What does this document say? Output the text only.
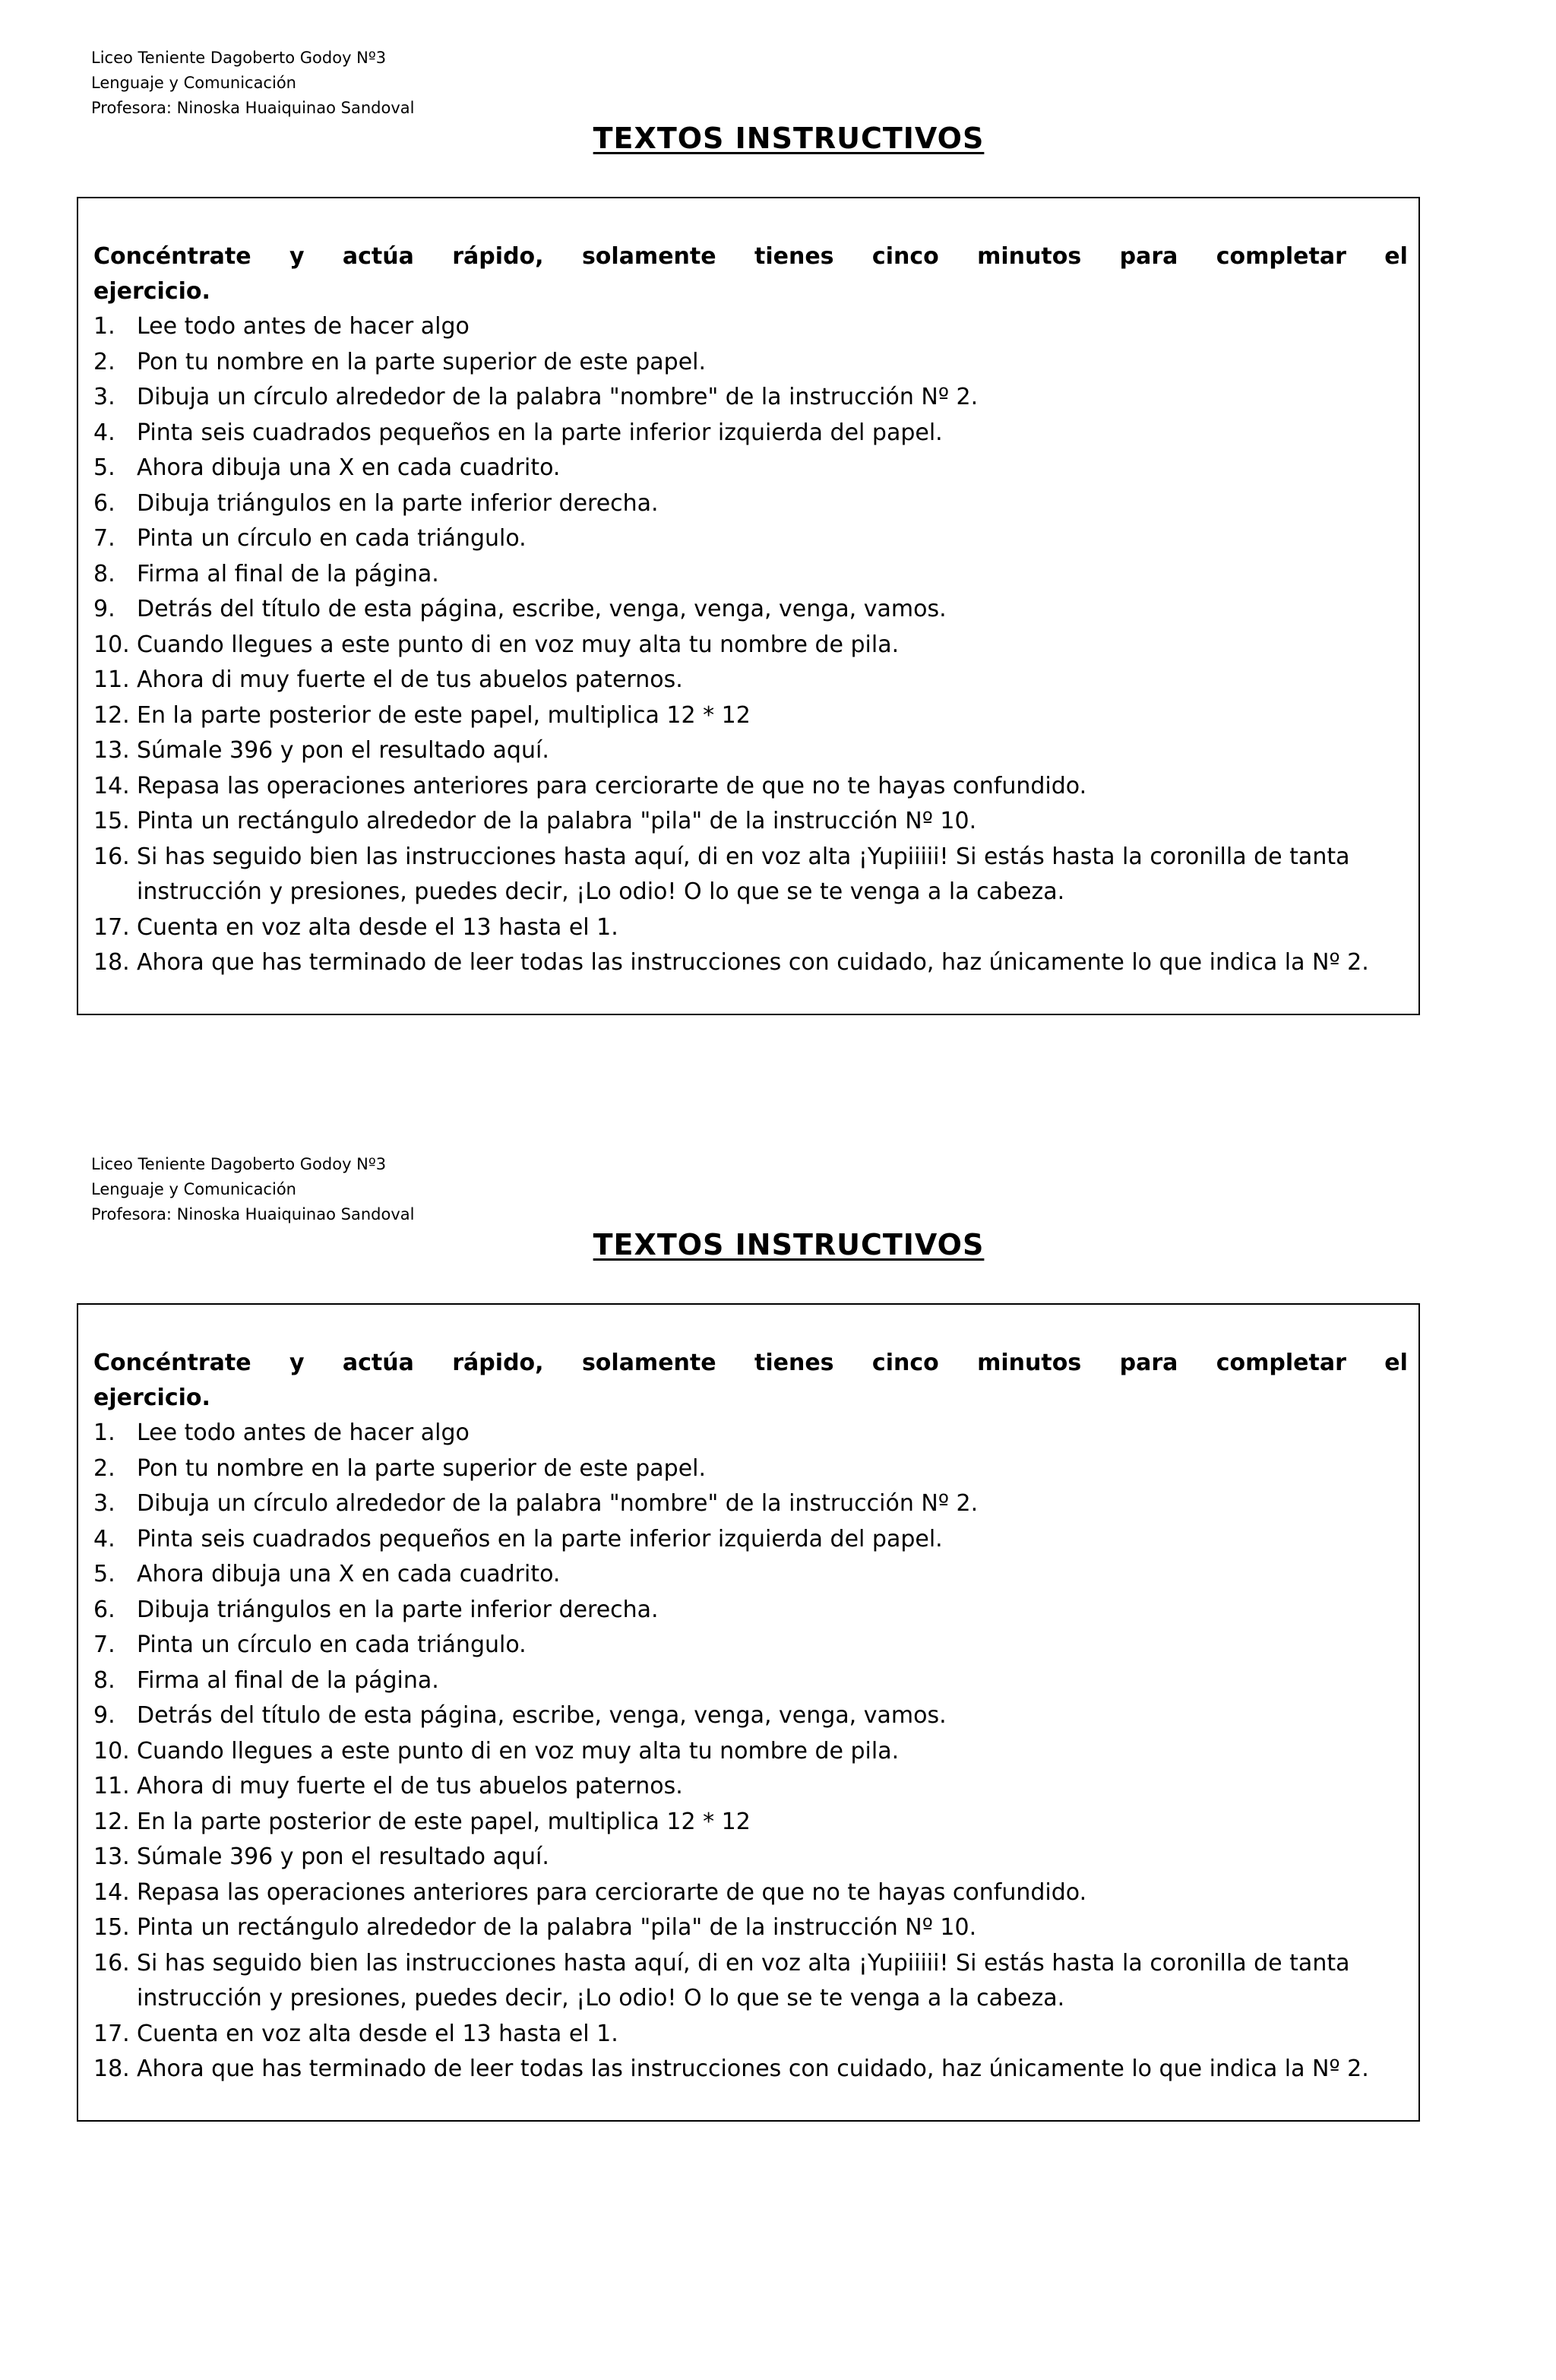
Liceo Teniente Dagoberto Godoy Nº3
Lenguaje y Comunicación
Profesora: Ninoska Huaiquinao Sandoval
TEXTOS INSTRUCTIVOS
Concéntrate y actúa rápido, solamente tienes cinco minutos para completar el
ejercicio.
1. Lee todo antes de hacer algo
2. Pon tu nombre en la parte superior de este papel.
3. Dibuja un círculo alrededor de la palabra "nombre" de la instrucción Nº 2.
4. Pinta seis cuadrados pequeños en la parte inferior izquierda del papel.
5. Ahora dibuja una X en cada cuadrito.
6. Dibuja triángulos en la parte inferior derecha.
7. Pinta un círculo en cada triángulo.
8. Firma al final de la página.
9. Detrás del título de esta página, escribe, venga, venga, venga, vamos.
10. Cuando llegues a este punto di en voz muy alta tu nombre de pila.
11. Ahora di muy fuerte el de tus abuelos paternos.
12. En la parte posterior de este papel, multiplica 12 * 12
13. Súmale 396 y pon el resultado aquí.
14. Repasa las operaciones anteriores para cerciorarte de que no te hayas confundido.
15. Pinta un rectángulo alrededor de la palabra "pila" de la instrucción Nº 10.
16. Si has seguido bien las instrucciones hasta aquí, di en voz alta ¡Yupiiiii! Si estás hasta la coronilla de tanta
instrucción y presiones, puedes decir, ¡Lo odio! O lo que se te venga a la cabeza.
17. Cuenta en voz alta desde el 13 hasta el 1.
18. Ahora que has terminado de leer todas las instrucciones con cuidado, haz únicamente lo que indica la Nº 2.
Liceo Teniente Dagoberto Godoy Nº3
Lenguaje y Comunicación
Profesora: Ninoska Huaiquinao Sandoval
TEXTOS INSTRUCTIVOS
Concéntrate y actúa rápido, solamente tienes cinco minutos para completar el
ejercicio.
1. Lee todo antes de hacer algo
2. Pon tu nombre en la parte superior de este papel.
3. Dibuja un círculo alrededor de la palabra "nombre" de la instrucción Nº 2.
4. Pinta seis cuadrados pequeños en la parte inferior izquierda del papel.
5. Ahora dibuja una X en cada cuadrito.
6. Dibuja triángulos en la parte inferior derecha.
7. Pinta un círculo en cada triángulo.
8. Firma al final de la página.
9. Detrás del título de esta página, escribe, venga, venga, venga, vamos.
10. Cuando llegues a este punto di en voz muy alta tu nombre de pila.
11. Ahora di muy fuerte el de tus abuelos paternos.
12. En la parte posterior de este papel, multiplica 12 * 12
13. Súmale 396 y pon el resultado aquí.
14. Repasa las operaciones anteriores para cerciorarte de que no te hayas confundido.
15. Pinta un rectángulo alrededor de la palabra "pila" de la instrucción Nº 10.
16. Si has seguido bien las instrucciones hasta aquí, di en voz alta ¡Yupiiiii! Si estás hasta la coronilla de tanta
instrucción y presiones, puedes decir, ¡Lo odio! O lo que se te venga a la cabeza.
17. Cuenta en voz alta desde el 13 hasta el 1.
18. Ahora que has terminado de leer todas las instrucciones con cuidado, haz únicamente lo que indica la Nº 2.
